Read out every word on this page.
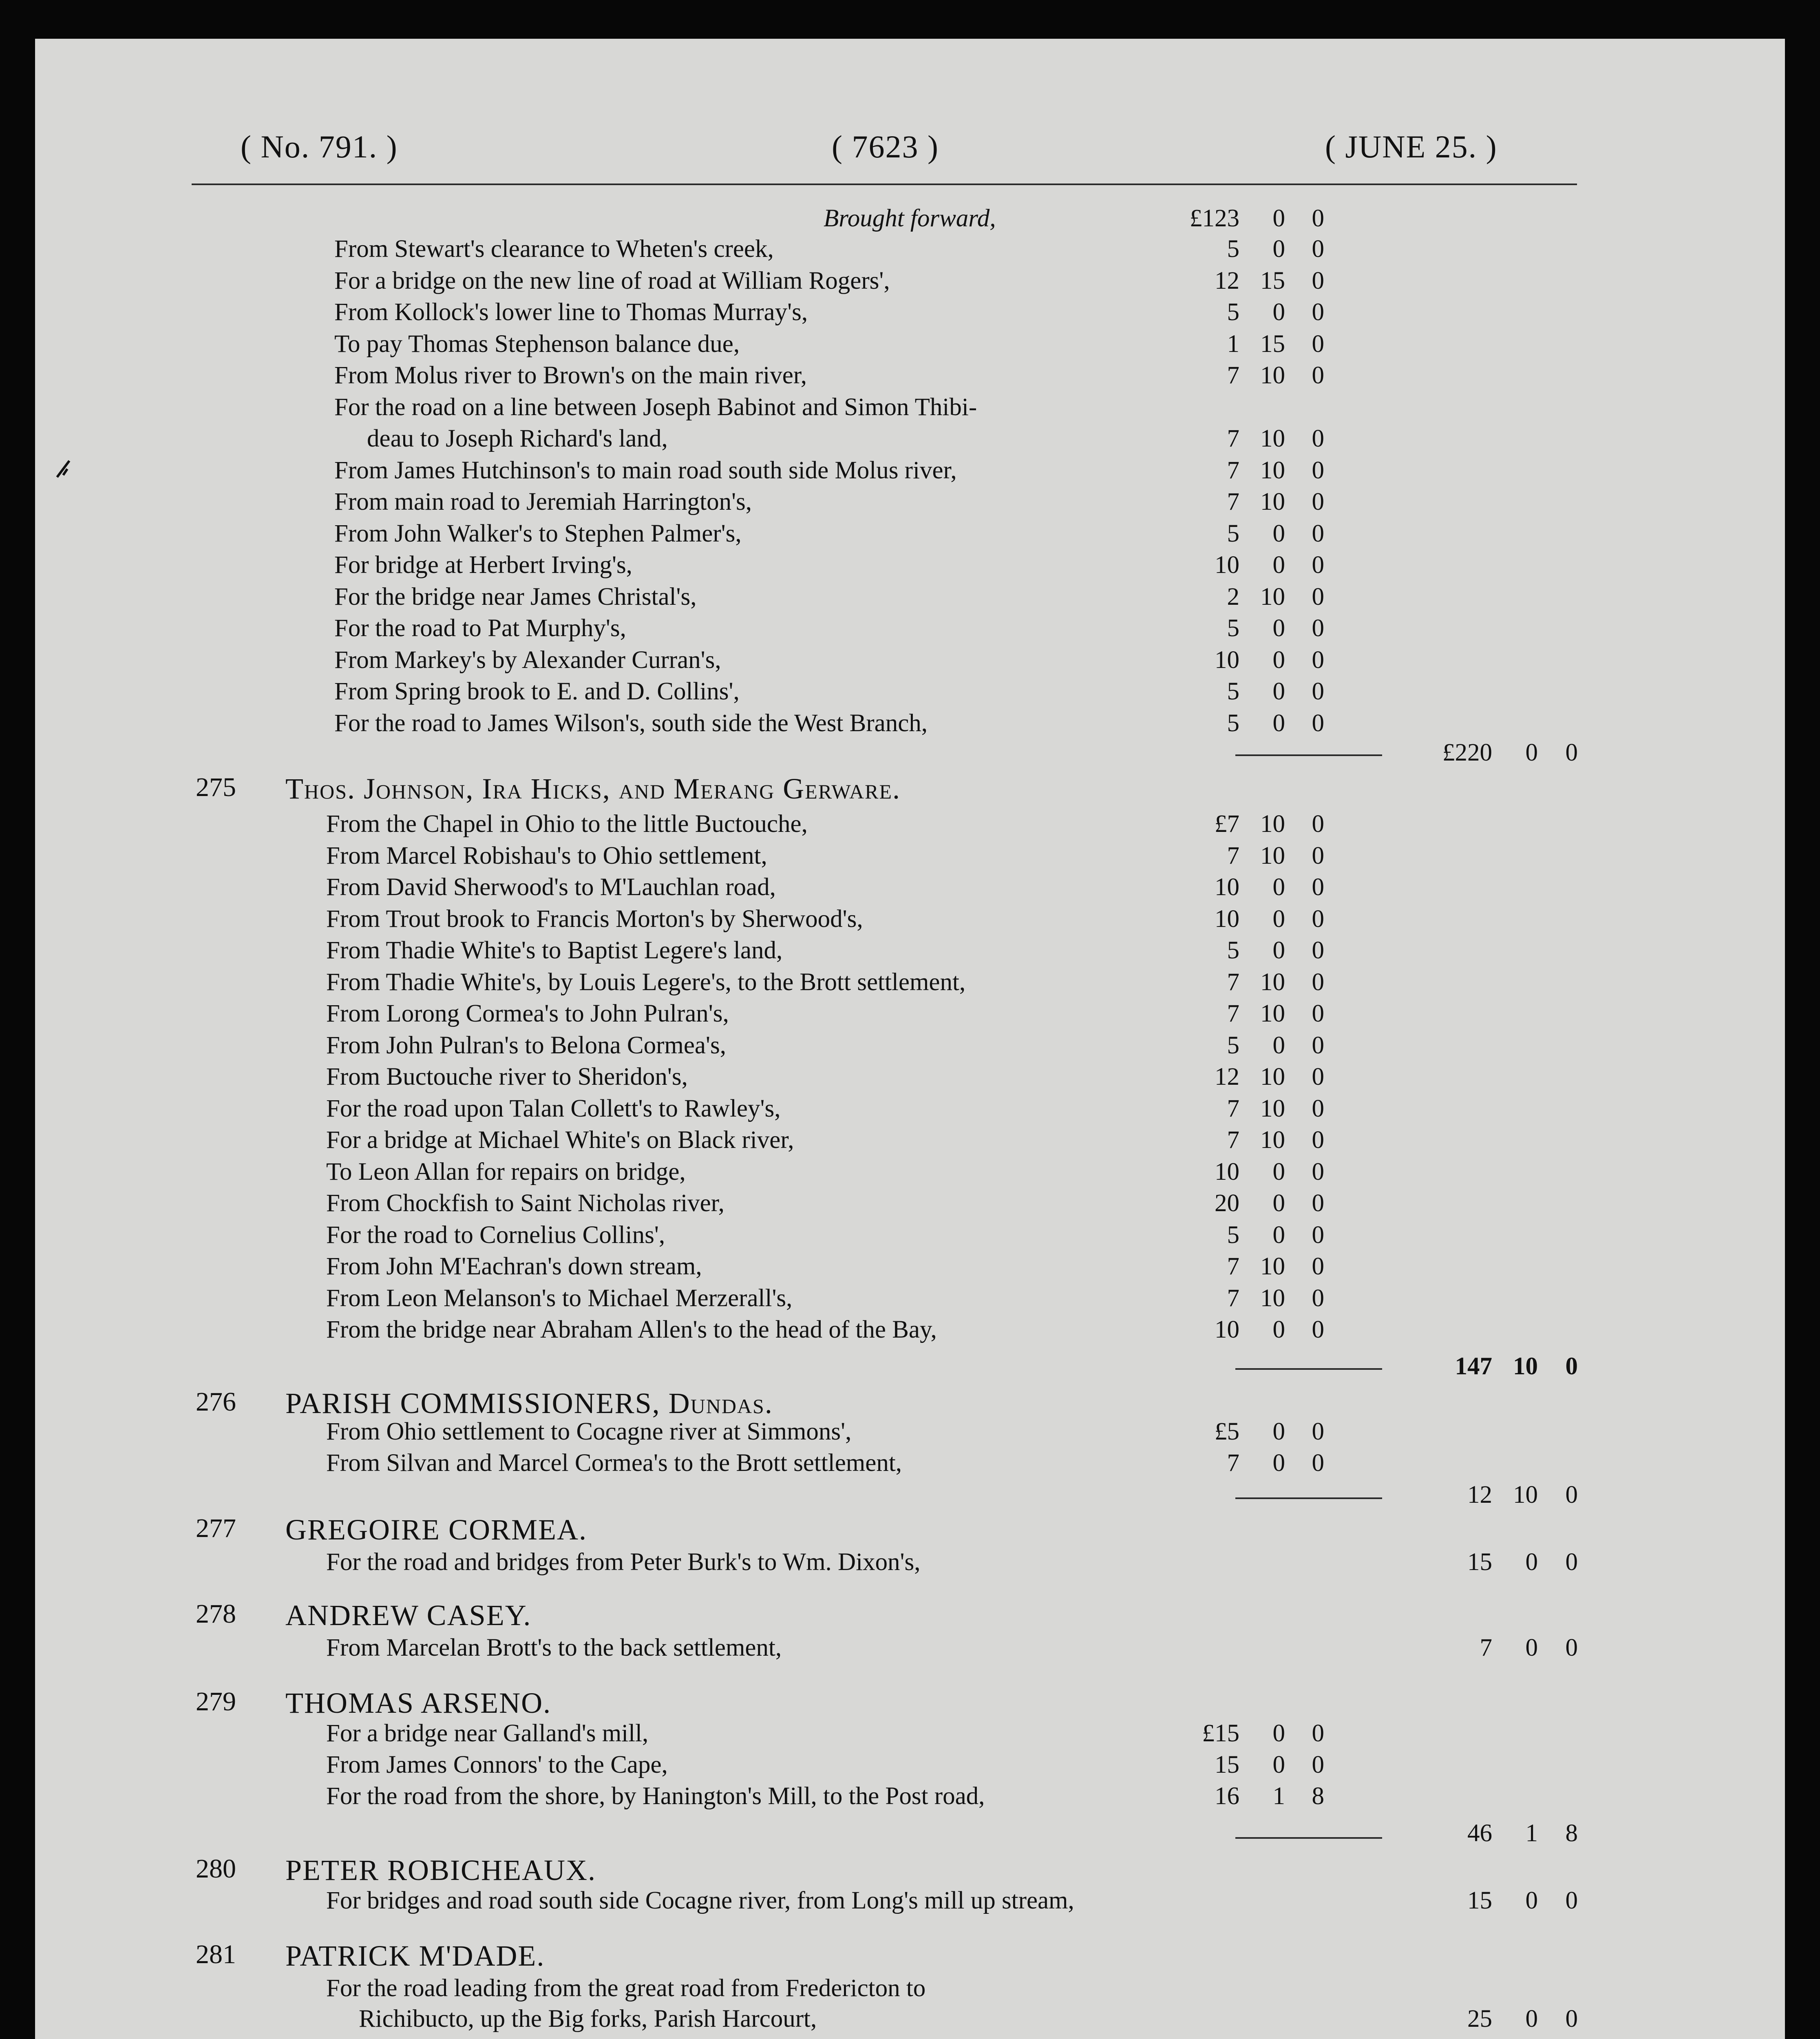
( No. 791. )	( 7623 )	( JUNE 25. )
Brought forward,	£123	0	0
From Stewart's clearance to Wheten's creek,	5	0	0
For a bridge on the new line of road at William Rogers',	12 15	0
From Kollock's lower line to Thomas Murray's,	5	0	0
To pay Thomas Stephenson balance due,	1 15	0
From Molus river to Brown's on the main river,	7 10	0
For the road on a line between Joseph Babinot and Simon Thibi-
deau to Joseph Richard's land,	7 10	0
From James Hutchinson's to main road south side Molus river,	7 10	0
From main road to Jeremiah Harrington's,	7 10	0
From John Walker's to Stephen Palmer's,	5	0	0
For bridge at Herbert Irving's,	10	0	0
For the bridge near James Christal's,	2 10	0
For the road to Pat Murphy's,	5	0	0
From Markey's by Alexander Curran's,	10	0	0
From Spring brook to E. and D. Collins',	5	0	0
For the road to James Wilson's, south side the West Branch,	5	0	0
£220	0	0
275 Thos. Johnson, Ira Hicks, and Merang Gerware.
From the Chapel in Ohio to the little Buctouche,	£7 10	0
From Marcel Robishau's to Ohio settlement,	7 10	0
From David Sherwood's to M'Lauchlan road,	10	0	0
From Trout brook to Francis Morton's by Sherwood's,	10	0	0
From Thadie White's to Baptist Legere's land,	5	0	0
From Thadie White's, by Louis Legere's, to the Brott settlement,	7 10	0
From Lorong Cormea's to John Pulran's,	7 10	0
From John Pulran's to Belona Cormea's,	5	0	0
From Buctouche river to Sheridon's,	12 10	0
For the road upon Talan Collett's to Rawley's,	7 10	0
For a bridge at Michael White's on Black river,	7 10	0
To Leon Allan for repairs on bridge,	10	0	0
From Chockfish to Saint Nicholas river,	20	0	0
For the road to Cornelius Collins',	5	0	0
From John M'Eachran's down stream,	7 10	0
From Leon Melanson's to Michael Merzerall's,	7 10	0
From the bridge near Abraham Allen's to the head of the Bay,	10	0	0
147 10	0
276 PARISH COMMISSIONERS, Dundas.
From Ohio settlement to Cocagne river at Simmons',	£5	0	0
From Silvan and Marcel Cormea's to the Brott settlement,	7	0	0
12 10	0
277 GREGOIRE CORMEA.
For the road and bridges from Peter Burk's to Wm. Dixon's,	15	0	0
278 ANDREW CASEY.
From Marcelan Brott's to the back settlement,	7	0	0
279 THOMAS ARSENO.
For a bridge near Galland's mill,	£15	0	0
From James Connors' to the Cape,	15	0	0
For the road from the shore, by Hanington's Mill, to the Post road,	16	1	8
46	1	8
280 PETER ROBICHEAUX.
For bridges and road south side Cocagne river, from Long's mill up stream,	15	0	0
281 PATRICK M'DADE.
For the road leading from the great road from Fredericton to
Richibucto, up the Big forks, Parish Harcourt,	25	0	0
